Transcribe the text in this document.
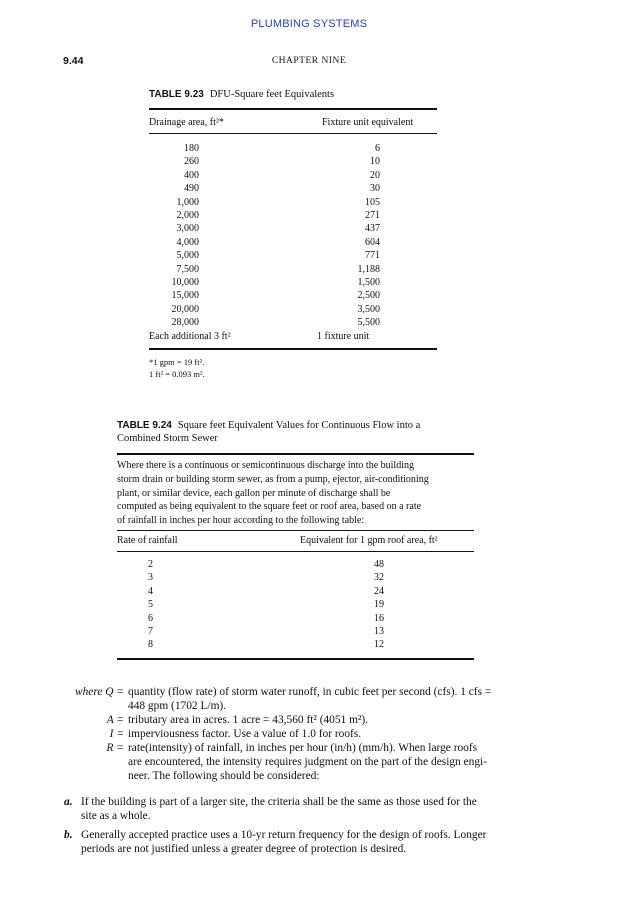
PLUMBING SYSTEMS
9.44	CHAPTER NINE
TABLE 9.23 DFU-Square feet Equivalents
Drainage area, ft²*	Fixture unit equivalent
180	6
260	10
400	20
490	30
1,000	105
2,000	271
3,000	437
4,000	604
5,000	771
7,500	1,188
10,000	1,500
15,000	2,500
20,000	3,500
28,000	5,500
Each additional 3 ft²	1 fixture unit
*1 gpm = 19 ft².
1 ft² = 0.093 m².
TABLE 9.24 Square feet Equivalent Values for Continuous Flow into a
Combined Storm Sewer
Where there is a continuous or semicontinuous discharge into the building
storm drain or building storm sewer, as from a pump, ejector, air-conditioning
plant, or similar device, each gallon per minute of discharge shall be
computed as being equivalent to the square feet or roof area, based on a rate
of rainfall in inches per hour according to the following table:
Rate of rainfall	Equivalent for 1 gpm roof area, ft²
2	48
3	32
4	24
5	19
6	16
7	13
8	12
where Q = quantity (flow rate) of storm water runoff, in cubic feet per second (cfs). 1 cfs =
448 gpm (1702 L/m).
A = tributary area in acres. 1 acre = 43,560 ft² (4051 m²).
I = imperviousness factor. Use a value of 1.0 for roofs.
R = rate(intensity) of rainfall, in inches per hour (in/h) (mm/h). When large roofs
are encountered, the intensity requires judgment on the part of the design engi-
neer. The following should be considered:
a. If the building is part of a larger site, the criteria shall be the same as those used for the
site as a whole.
b. Generally accepted practice uses a 10-yr return frequency for the design of roofs. Longer
periods are not justified unless a greater degree of protection is desired.
